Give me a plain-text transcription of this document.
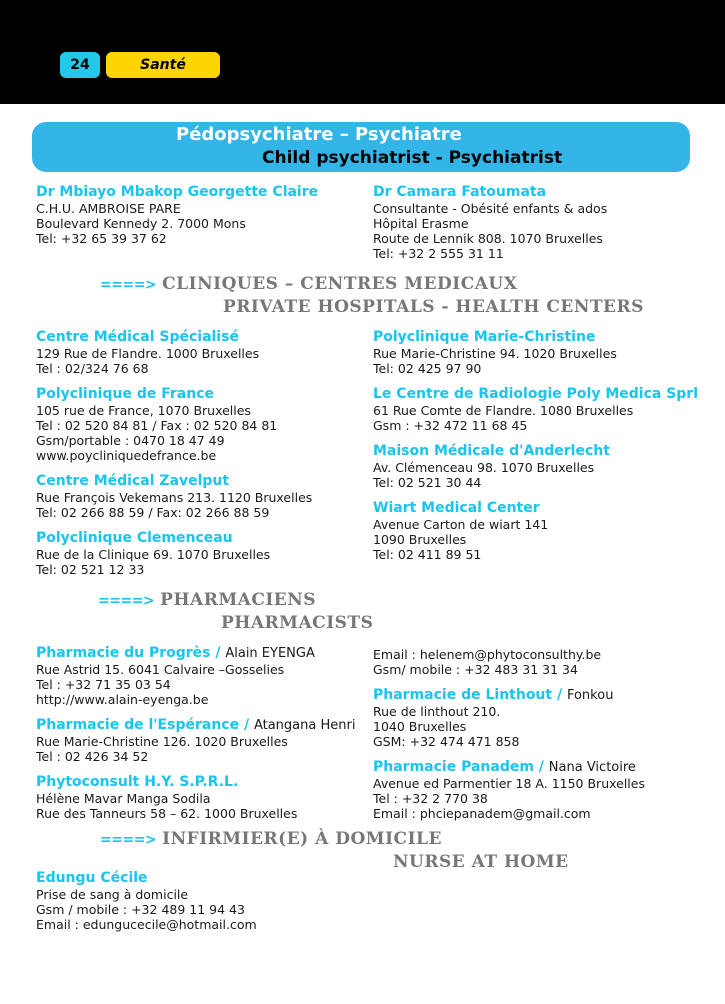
24	Santé
Pédopsychiatre – Psychiatre
Child psychiatrist - Psychiatrist
Dr Mbiayo Mbakop Georgette Claire
C.H.U. AMBROISE PARE
Boulevard Kennedy 2. 7000 Mons
Tel: +32 65 39 37 62
Dr Camara Fatoumata
Consultante - Obésité enfants & ados
Hôpital Erasme
Route de Lennik 808. 1070 Bruxelles
Tel: +32 2 555 31 11
====> CLINIQUES – CENTRES MEDICAUX
PRIVATE HOSPITALS - HEALTH CENTERS
Centre Médical Spécialisé
129 Rue de Flandre. 1000 Bruxelles
Tel : 02/324 76 68
Polyclinique de France
105 rue de France, 1070 Bruxelles
Tel : 02 520 84 81 / Fax : 02 520 84 81
Gsm/portable : 0470 18 47 49
www.poycliniquedefrance.be
Centre Médical Zavelput
Rue François Vekemans 213. 1120 Bruxelles
Tel: 02 266 88 59 / Fax: 02 266 88 59
Polyclinique Clemenceau
Rue de la Clinique 69. 1070 Bruxelles
Tel: 02 521 12 33
Polyclinique Marie-Christine
Rue Marie-Christine 94. 1020 Bruxelles
Tel: 02 425 97 90
Le Centre de Radiologie Poly Medica Sprl
61 Rue Comte de Flandre. 1080 Bruxelles
Gsm : +32 472 11 68 45
Maison Médicale d'Anderlecht
Av. Clémenceau 98. 1070 Bruxelles
Tel: 02 521 30 44
Wiart Medical Center
Avenue Carton de wiart 141
1090 Bruxelles
Tel: 02 411 89 51
====> PHARMACIENS
PHARMACISTS
Pharmacie du Progrès / Alain EYENGA
Rue Astrid 15. 6041 Calvaire –Gosselies
Tel : +32 71 35 03 54
http://www.alain-eyenga.be
Pharmacie de l'Espérance / Atangana Henri
Rue Marie-Christine 126. 1020 Bruxelles
Tel : 02 426 34 52
Phytoconsult H.Y. S.P.R.L.
Hélène Mavar Manga Sodila
Rue des Tanneurs 58 – 62. 1000 Bruxelles
Email : helenem@phytoconsulthy.be
Gsm/ mobile : +32 483 31 31 34
Pharmacie de Linthout / Fonkou
Rue de linthout 210.
1040 Bruxelles
GSM: +32 474 471 858
Pharmacie Panadem / Nana Victoire
Avenue ed Parmentier 18 A. 1150 Bruxelles
Tel : +32 2 770 38
Email : phciepanadem@gmail.com
====> INFIRMIER(E) À DOMICILE
NURSE AT HOME
Edungu Cécile
Prise de sang à domicile
Gsm / mobile : +32 489 11 94 43
Email : edungucecile@hotmail.com
